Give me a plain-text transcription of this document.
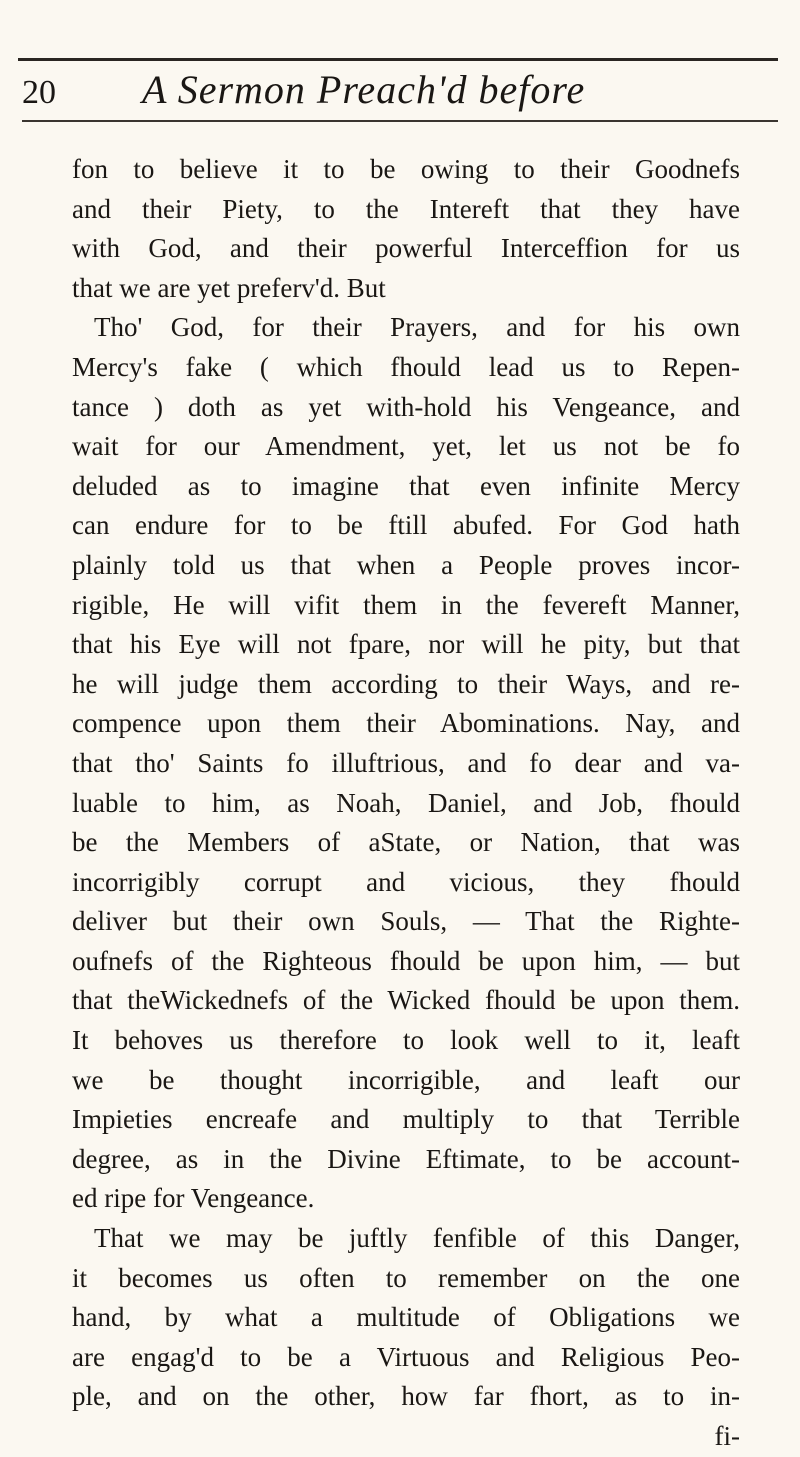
20	A Sermon Preach'd before
fon to believe it to be owing to their Goodnefs
and their Piety, to the Intereft that they have
with God, and their powerful Interceffion for us
that we are yet preferv'd. But
Tho' God, for their Prayers, and for his own
Mercy's fake ( which fhould lead us to Repen-
tance ) doth as yet with-hold his Vengeance, and
wait for our Amendment, yet, let us not be fo
deluded as to imagine that even infinite Mercy
can endure for to be ftill abufed. For God hath
plainly told us that when a People proves incor-
rigible, He will vifit them in the fevereft Manner,
that his Eye will not fpare, nor will he pity, but that
he will judge them according to their Ways, and re-
compence upon them their Abominations. Nay, and
that tho' Saints fo illuftrious, and fo dear and va-
luable to him, as Noah, Daniel, and Job, fhould
be the Members of aState, or Nation, that was
incorrigibly corrupt and vicious, they fhould
deliver but their own Souls, — That the Righte-
oufnefs of the Righteous fhould be upon him, — but
that theWickednefs of the Wicked fhould be upon them.
It behoves us therefore to look well to it, leaft
we be thought incorrigible, and leaft our
Impieties encreafe and multiply to that Terrible
degree, as in the Divine Eftimate, to be account-
ed ripe for Vengeance.
That we may be juftly fenfible of this Danger,
it becomes us often to remember on the one
hand, by what a multitude of Obligations we
are engag'd to be a Virtuous and Religious Peo-
ple, and on the other, how far fhort, as to in-
fi-
